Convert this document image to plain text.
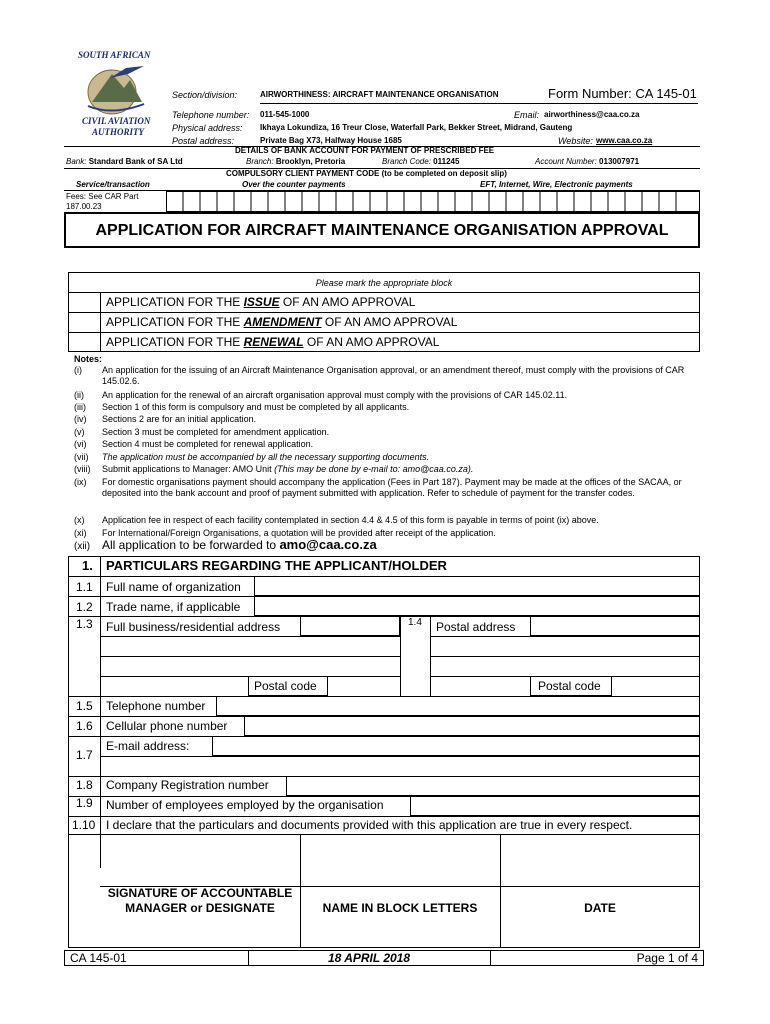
SOUTH AFRICAN
CIVIL AVIATION
AUTHORITY
Section/division:	AIRWORTHINESS: AIRCRAFT MAINTENANCE ORGANISATION	Form Number: CA 145-01
Telephone number: 011-545-1000	Email: airworthiness@caa.co.za
Physical address: Ikhaya Lokundiza, 16 Treur Close, Waterfall Park, Bekker Street, Midrand, Gauteng
Postal address:	Private Bag X73, Halfway House 1685	Website: www.caa.co.za
DETAILS OF BANK ACCOUNT FOR PAYMENT OF PRESCRIBED FEE
Bank: Standard Bank of SA Ltd	Branch: Brooklyn, Pretoria	Branch Code: 011245	Account Number: 013007971
COMPULSORY CLIENT PAYMENT CODE (to be completed on deposit slip)
Service/transaction	Over the counter payments	EFT, Internet, Wire, Electronic payments
Fees: See CAR Part 187.00.23
APPLICATION FOR AIRCRAFT MAINTENANCE ORGANISATION APPROVAL
Please mark the appropriate block
APPLICATION FOR THE ISSUE OF AN AMO APPROVAL
APPLICATION FOR THE AMENDMENT OF AN AMO APPROVAL
APPLICATION FOR THE RENEWAL OF AN AMO APPROVAL
Notes:
(i) An application for the issuing of an Aircraft Maintenance Organisation approval, or an amendment thereof, must comply with the provisions of CAR 145.02.6.
(ii) An application for the renewal of an aircraft organisation approval must comply with the provisions of CAR 145.02.11.
(iii) Section 1 of this form is compulsory and must be completed by all applicants.
(iv) Sections 2 are for an initial application.
(v) Section 3 must be completed for amendment application.
(vi) Section 4 must be completed for renewal application.
(vii) The application must be accompanied by all the necessary supporting documents.
(viii) Submit applications to Manager: AMO Unit (This may be done by e-mail to: amo@caa.co.za).
(ix) For domestic organisations payment should accompany the application (Fees in Part 187). Payment may be made at the offices of the SACAA, or deposited into the bank account and proof of payment submitted with application. Refer to schedule of payment for the transfer codes.
(x) Application fee in respect of each facility contemplated in section 4.4 & 4.5 of this form is payable in terms of point (ix) above.
(xi) For International/Foreign Organisations, a quotation will be provided after receipt of the application.
(xii) All application to be forwarded to amo@caa.co.za
1. PARTICULARS REGARDING THE APPLICANT/HOLDER
1.1 Full name of organization
1.2 Trade name, if applicable
1.3 Full business/residential address	1.4 Postal address
Postal code	Postal code
1.5 Telephone number
1.6 Cellular phone number
1.7
E-mail address:
1.8 Company Registration number
1.9 Number of employees employed by the organisation
1.10 I declare that the particulars and documents provided with this application are true in every respect.
SIGNATURE OF ACCOUNTABLE MANAGER or DESIGNATE	NAME IN BLOCK LETTERS	DATE
CA 145-01	18 APRIL 2018	Page 1 of 4
